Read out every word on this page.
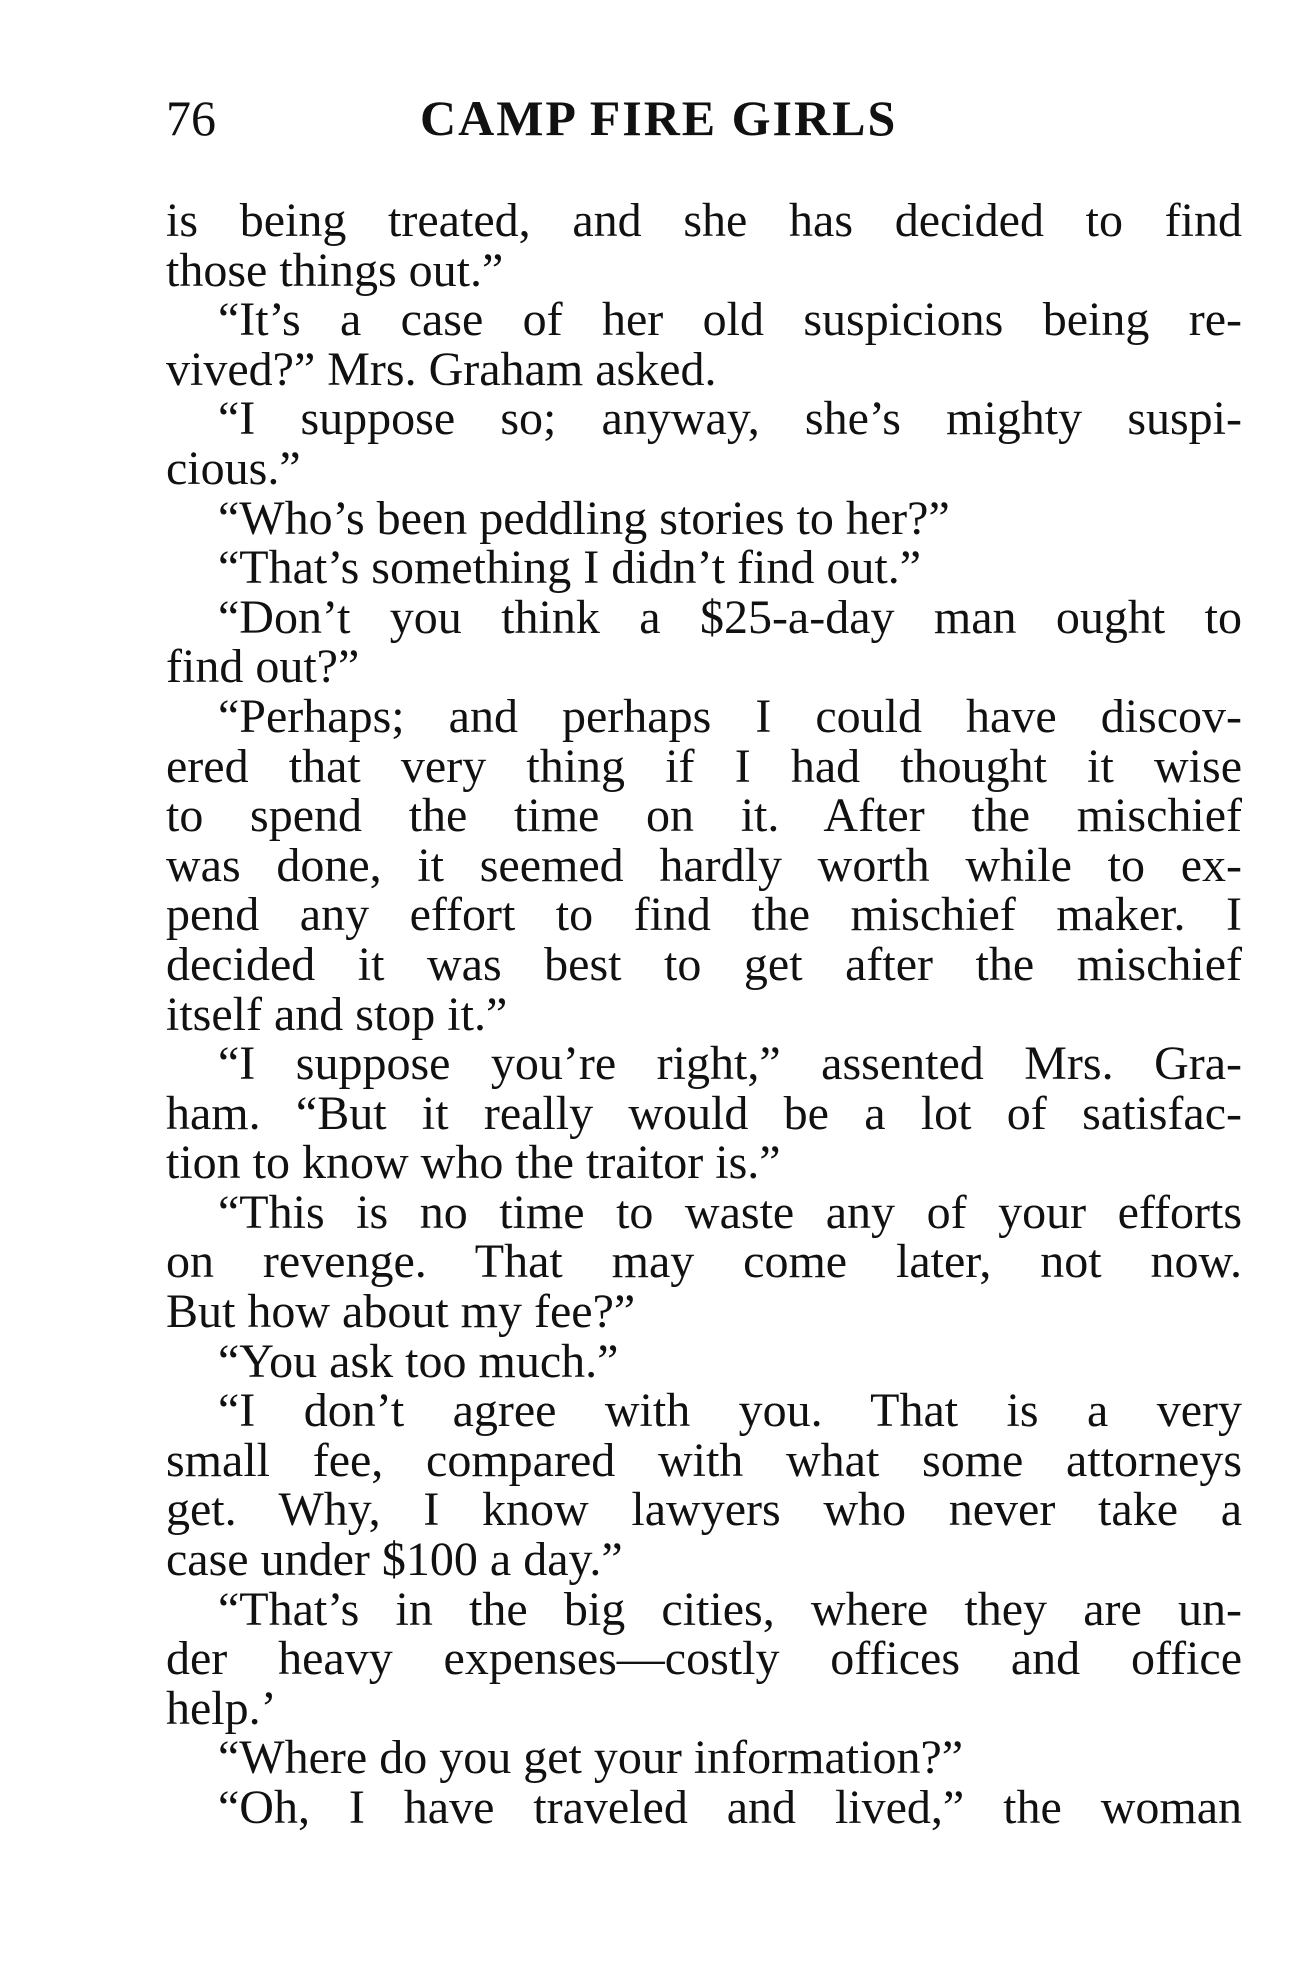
76	CAMP FIRE GIRLS
is being treated, and she has decided to find
those things out.”
“It’s a case of her old suspicions being re-
vived?” Mrs. Graham asked.
“I suppose so; anyway, she’s mighty suspi-
cious.”
“Who’s been peddling stories to her?”
“That’s something I didn’t find out.”
“Don’t you think a $25-a-day man ought to
find out?”
“Perhaps; and perhaps I could have discov-
ered that very thing if I had thought it wise
to spend the time on it. After the mischief
was done, it seemed hardly worth while to ex-
pend any effort to find the mischief maker. I
decided it was best to get after the mischief
itself and stop it.”
“I suppose you’re right,” assented Mrs. Gra-
ham. “But it really would be a lot of satisfac-
tion to know who the traitor is.”
“This is no time to waste any of your efforts
on revenge. That may come later, not now.
But how about my fee?”
“You ask too much.”
“I don’t agree with you. That is a very
small fee, compared with what some attorneys
get. Why, I know lawyers who never take a
case under $100 a day.”
“That’s in the big cities, where they are un-
der heavy expenses—costly offices and office
help.’
“Where do you get your information?”
“Oh, I have traveled and lived,” the woman
